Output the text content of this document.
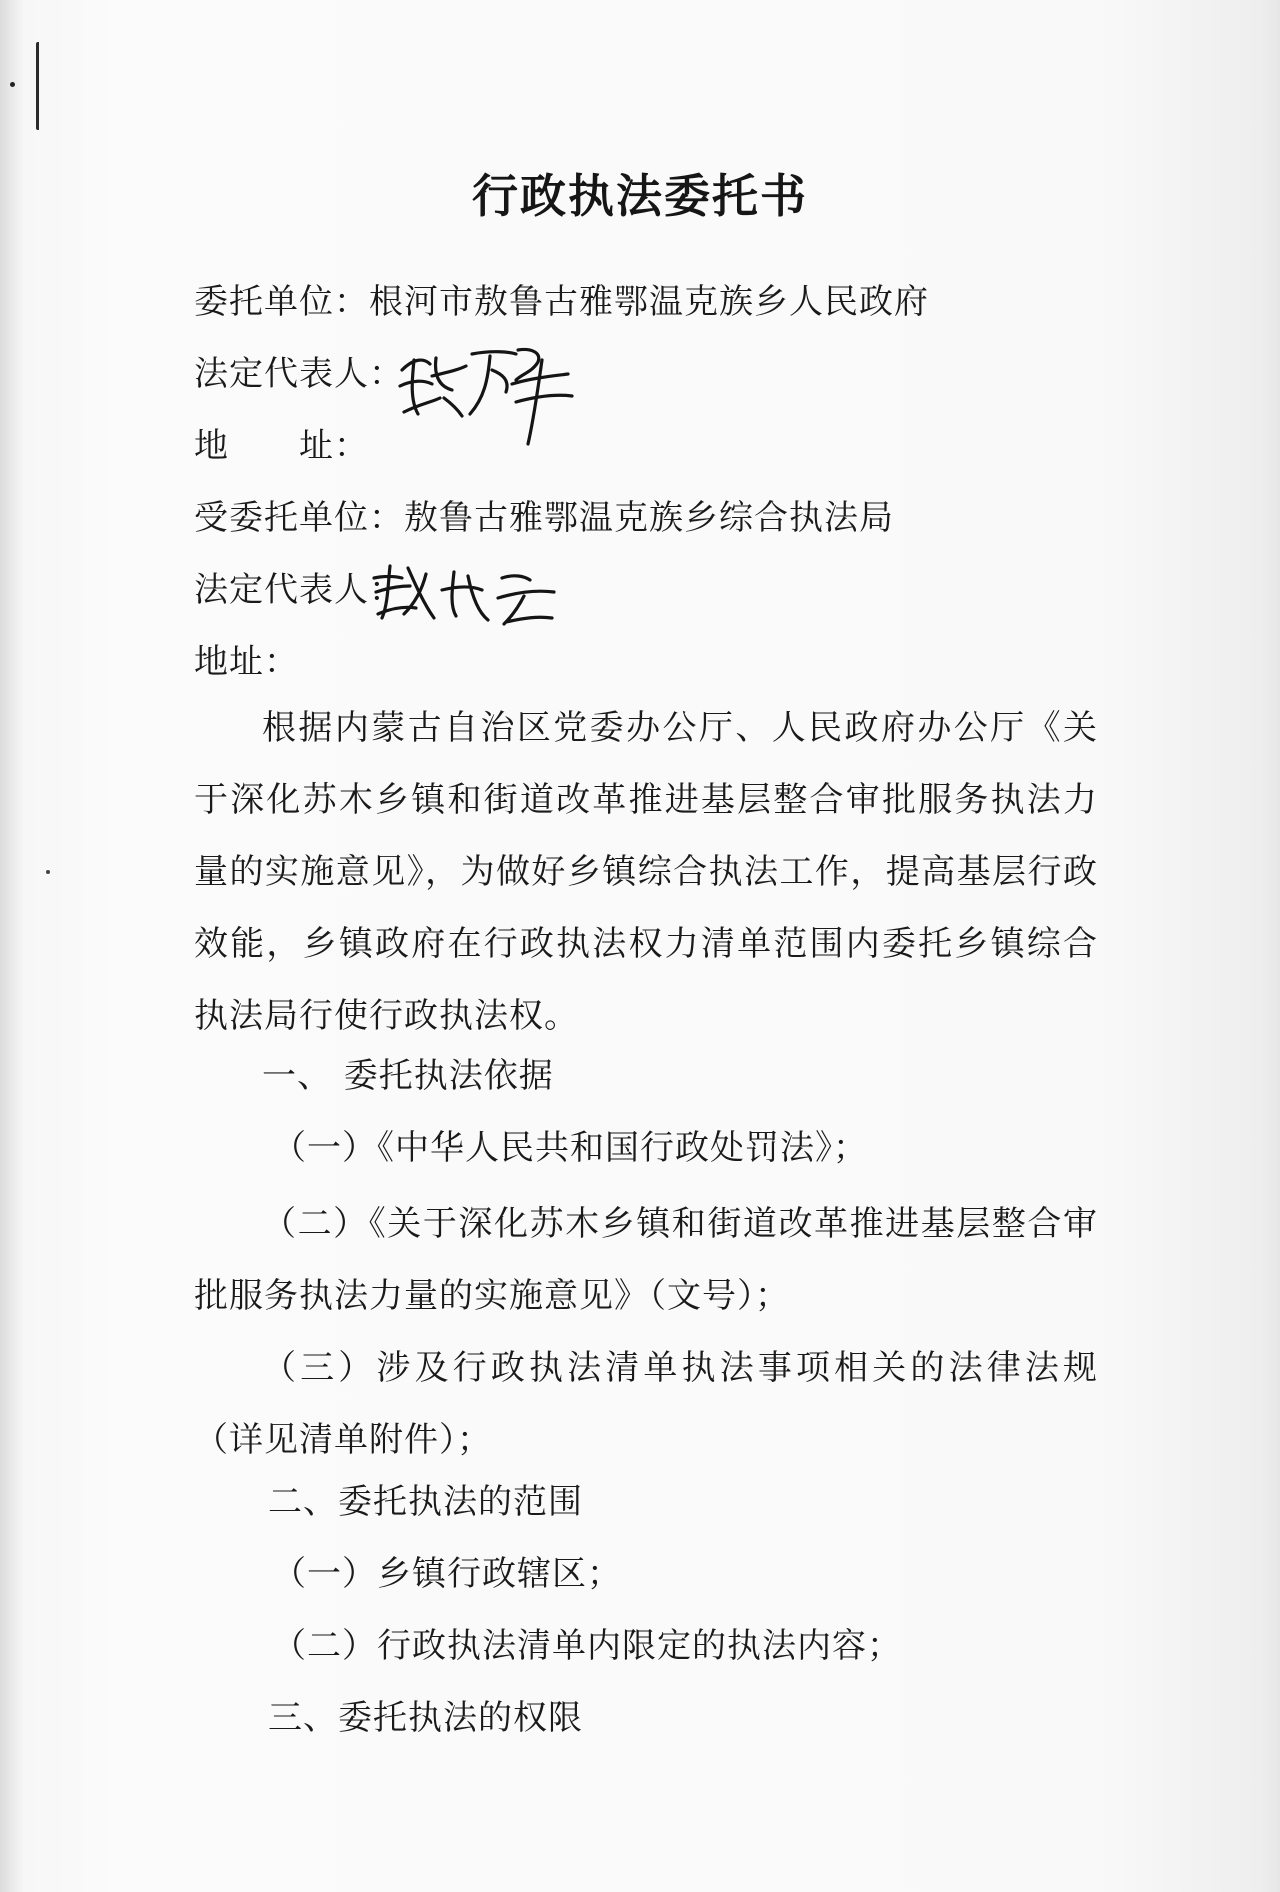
行政执法委托书
委托单位：根河市敖鲁古雅鄂温克族乡人民政府
法定代表人：
地　　址：
受委托单位：敖鲁古雅鄂温克族乡综合执法局
法定代表人：
地址：
根据内蒙古自治区党委办公厅、人民政府办公厅《关于深化苏木乡镇和街道改革推进基层整合审批服务执法力量的实施意见》，为做好乡镇综合执法工作，提高基层行政效能，乡镇政府在行政执法权力清单范围内委托乡镇综合执法局行使行政执法权。
一、 委托执法依据
（一）《中华人民共和国行政处罚法》；
（二）《关于深化苏木乡镇和街道改革推进基层整合审批服务执法力量的实施意见》（文号）；
（三）涉及行政执法清单执法事项相关的法律法规（详见清单附件）；
二、委托执法的范围
（一）乡镇行政辖区；
（二）行政执法清单内限定的执法内容；
三、委托执法的权限
